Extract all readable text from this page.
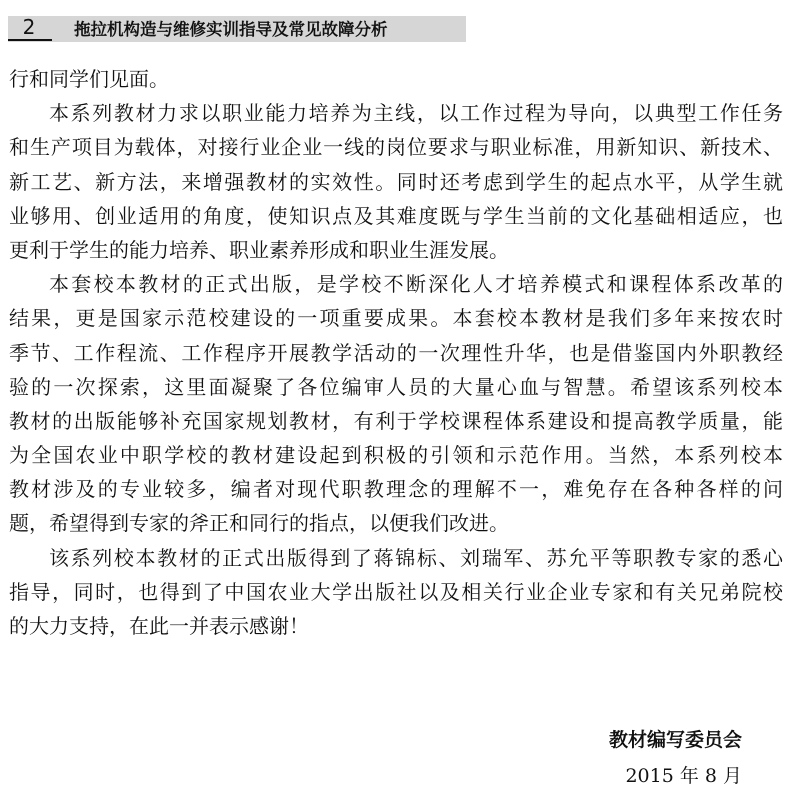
2	拖拉机构造与维修实训指导及常见故障分析
行和同学们见面。
本系列教材力求以职业能力培养为主线，以工作过程为导向，以典型工作任务
和生产项目为载体，对接行业企业一线的岗位要求与职业标准，用新知识、新技术、
新工艺、新方法，来增强教材的实效性。同时还考虑到学生的起点水平，从学生就
业够用、创业适用的角度，使知识点及其难度既与学生当前的文化基础相适应，也
更利于学生的能力培养、职业素养形成和职业生涯发展。
本套校本教材的正式出版，是学校不断深化人才培养模式和课程体系改革的
结果，更是国家示范校建设的一项重要成果。本套校本教材是我们多年来按农时
季节、工作程流、工作程序开展教学活动的一次理性升华，也是借鉴国内外职教经
验的一次探索，这里面凝聚了各位编审人员的大量心血与智慧。希望该系列校本
教材的出版能够补充国家规划教材，有利于学校课程体系建设和提高教学质量，能
为全国农业中职学校的教材建设起到积极的引领和示范作用。当然，本系列校本
教材涉及的专业较多，编者对现代职教理念的理解不一，难免存在各种各样的问
题，希望得到专家的斧正和同行的指点，以便我们改进。
该系列校本教材的正式出版得到了蒋锦标、刘瑞军、苏允平等职教专家的悉心
指导，同时，也得到了中国农业大学出版社以及相关行业企业专家和有关兄弟院校
的大力支持，在此一并表示感谢！
教材编写委员会
2015 年 8 月
